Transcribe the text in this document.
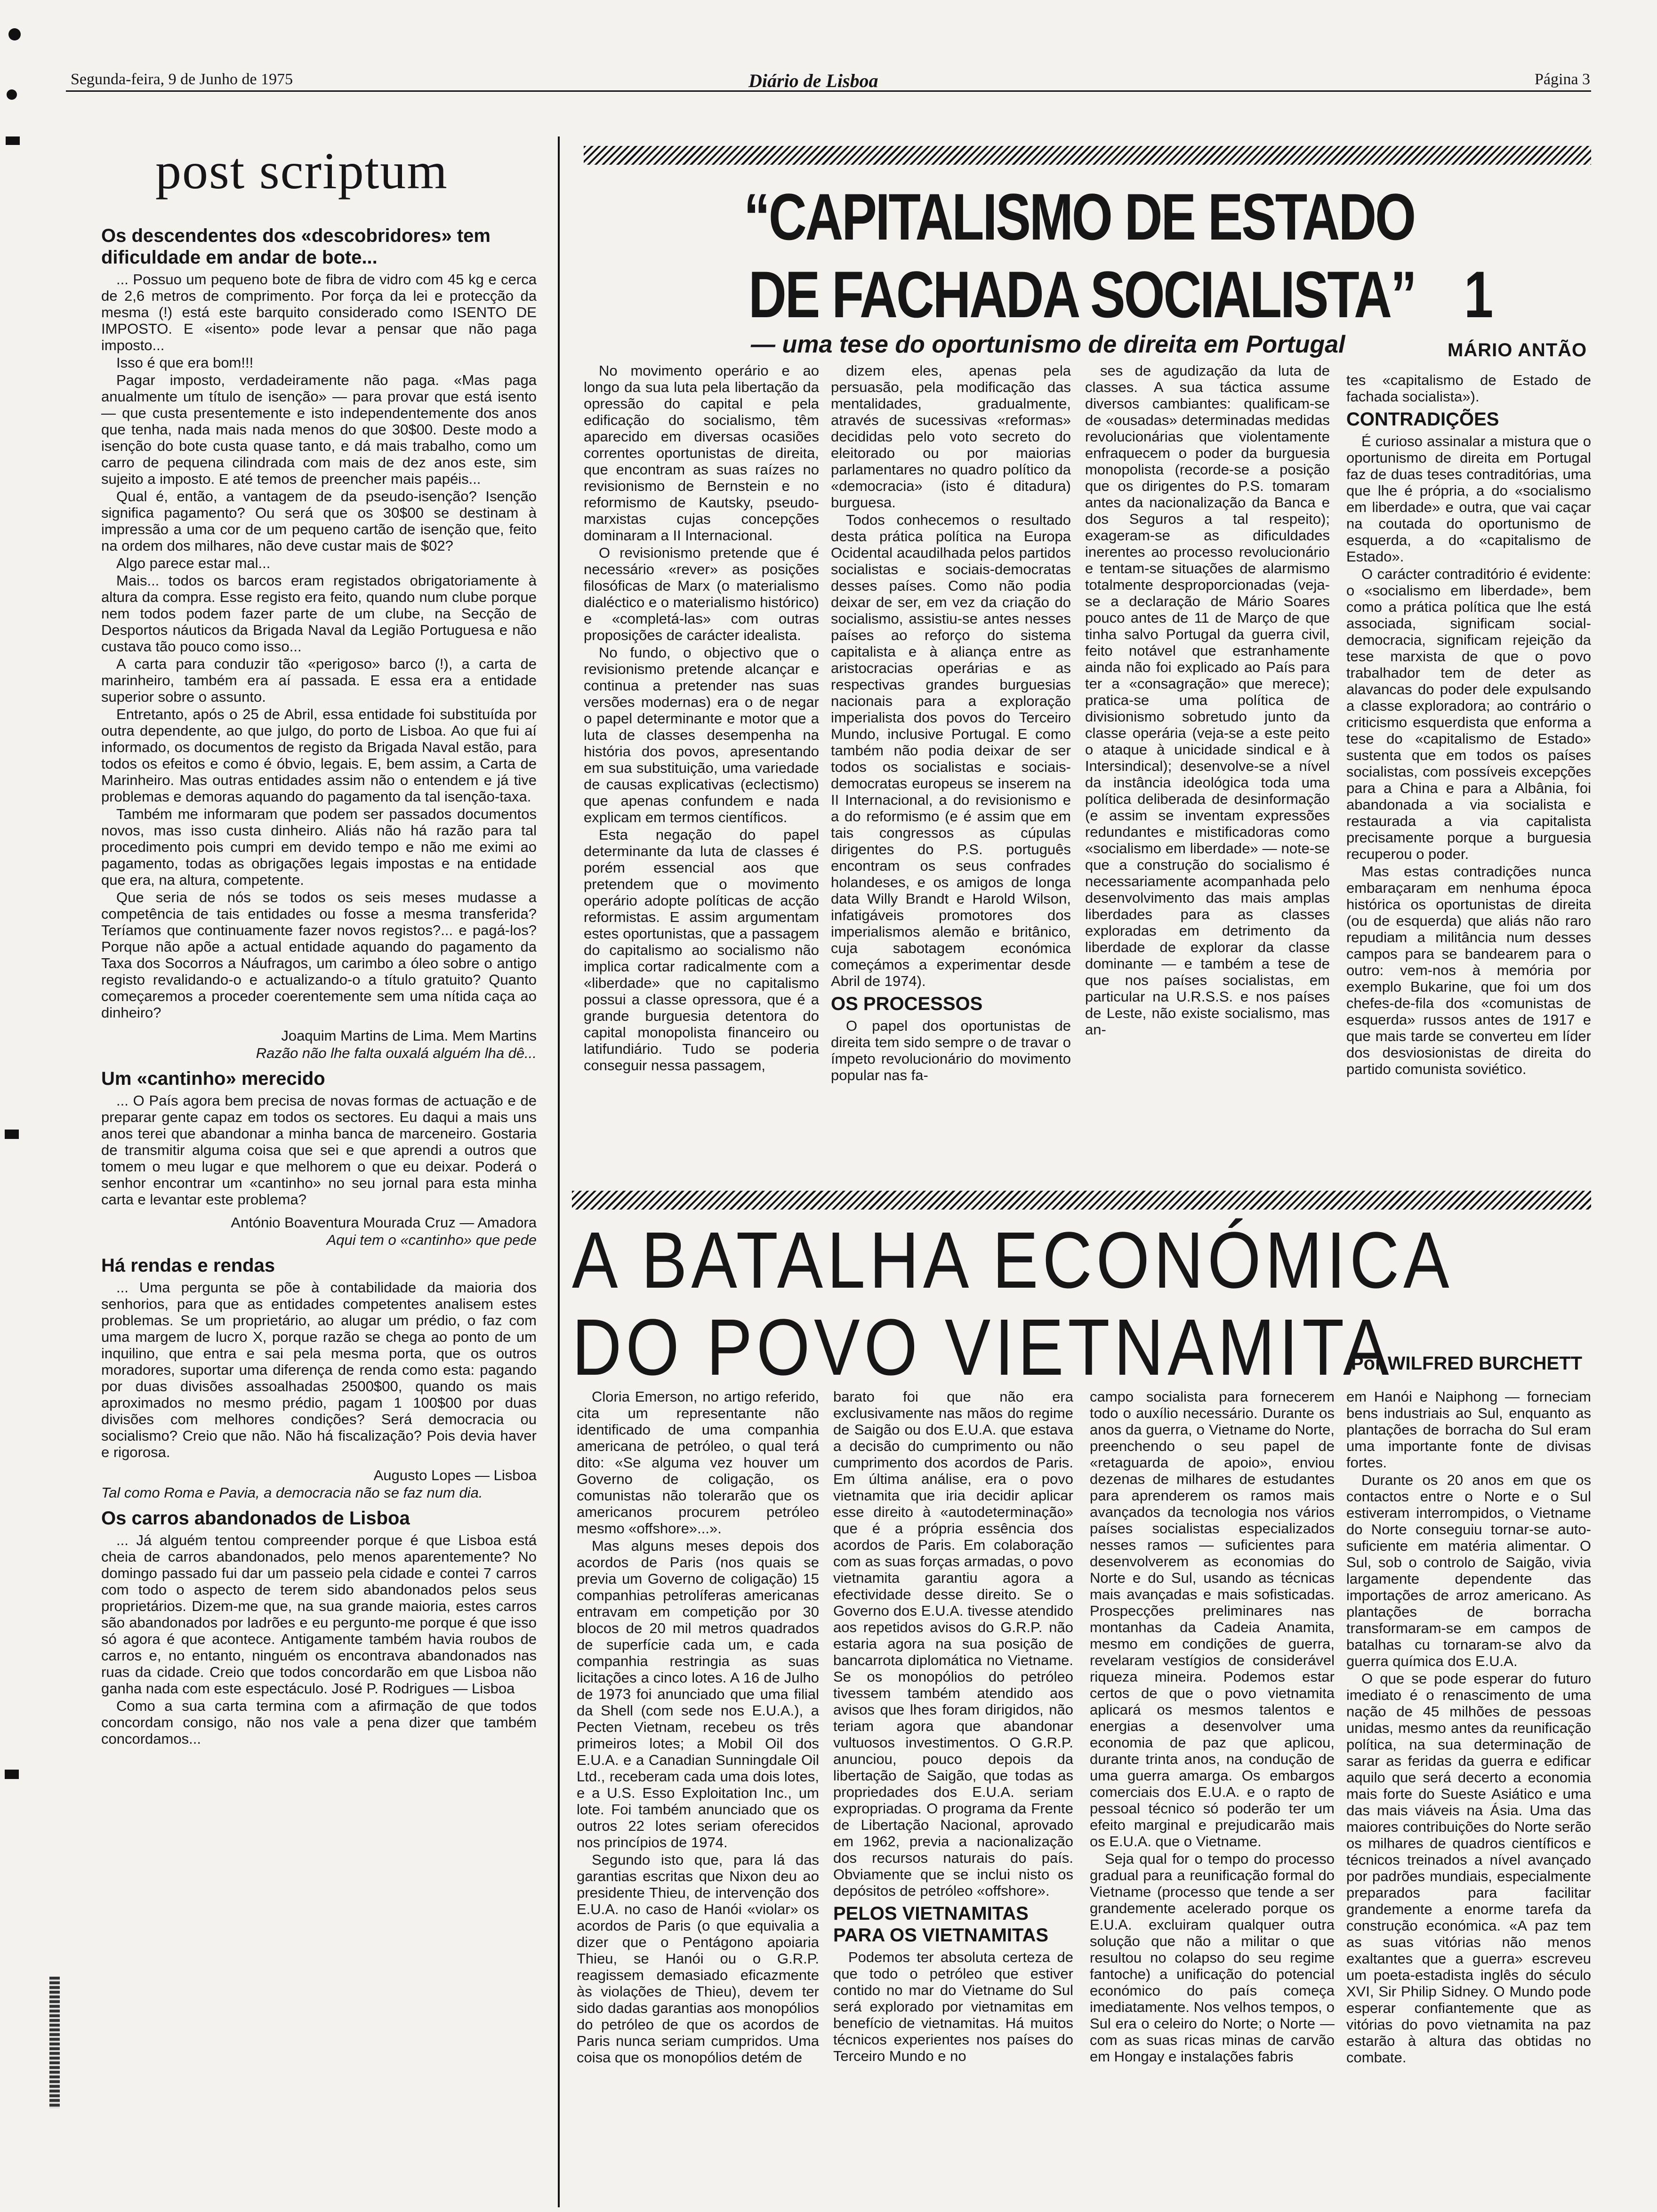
Segunda-feira, 9 de Junho de 1975	Diário de Lisboa	Página 3
post scriptum
Os descendentes dos «descobridores» tem dificuldade em andar de bote...

... Possuo um pequeno bote de fibra de vidro com 45 kg e cerca de 2,6 metros de comprimento. Por força da lei e protecção da mesma (!) está este barquito considerado como ISENTO DE IMPOSTO. E «isento» pode levar a pensar que não paga imposto...

Isso é que era bom!!!

Pagar imposto, verdadeiramente não paga. «Mas paga anualmente um título de isenção» — para provar que está isento — que custa presentemente e isto independentemente dos anos que tenha, nada mais nada menos do que 30$00. Deste modo a isenção do bote custa quase tanto, e dá mais trabalho, como um carro de pequena cilindrada com mais de dez anos este, sim sujeito a imposto. E até temos de preencher mais papéis...

Qual é, então, a vantagem de da pseudo-isenção? Isenção significa pagamento? Ou será que os 30$00 se destinam à impressão a uma cor de um pequeno cartão de isenção que, feito na ordem dos milhares, não deve custar mais de $02?

Algo parece estar mal...

Mais... todos os barcos eram registados obrigatoriamente à altura da compra. Esse registo era feito, quando num clube porque nem todos podem fazer parte de um clube, na Secção de Desportos náuticos da Brigada Naval da Legião Portuguesa e não custava tão pouco como isso...

A carta para conduzir tão «perigoso» barco (!), a carta de marinheiro, também era aí passada. E essa era a entidade superior sobre o assunto.

Entretanto, após o 25 de Abril, essa entidade foi substituída por outra dependente, ao que julgo, do porto de Lisboa. Ao que fui aí informado, os documentos de registo da Brigada Naval estão, para todos os efeitos e como é óbvio, legais. E, bem assim, a Carta de Marinheiro. Mas outras entidades assim não o entendem e já tive problemas e demoras aquando do pagamento da tal isenção-taxa.

Também me informaram que podem ser passados documentos novos, mas isso custa dinheiro. Aliás não há razão para tal procedimento pois cumpri em devido tempo e não me eximi ao pagamento, todas as obrigações legais impostas e na entidade que era, na altura, competente.

Que seria de nós se todos os seis meses mudasse a competência de tais entidades ou fosse a mesma transferida? Teríamos que continuamente fazer novos registos?... e pagá-los? Porque não apõe a actual entidade aquando do pagamento da Taxa dos Socorros a Náufragos, um carimbo a óleo sobre o antigo registo revalidando-o e actualizando-o a título gratuito? Quanto começaremos a proceder coerentemente sem uma nítida caça ao dinheiro?

Joaquim Martins de Lima. Mem Martins

Razão não lhe falta ouxalá alguém lha dê...

Um «cantinho» merecido

... O País agora bem precisa de novas formas de actuação e de preparar gente capaz em todos os sectores. Eu daqui a mais uns anos terei que abandonar a minha banca de marceneiro. Gostaria de transmitir alguma coisa que sei e que aprendi a outros que tomem o meu lugar e que melhorem o que eu deixar. Poderá o senhor encontrar um «cantinho» no seu jornal para esta minha carta e levantar este problema?

António Boaventura Mourada Cruz — Amadora

Aqui tem o «cantinho» que pede

Há rendas e rendas

... Uma pergunta se põe à contabilidade da maioria dos senhorios, para que as entidades competentes analisem estes problemas. Se um proprietário, ao alugar um prédio, o faz com uma margem de lucro X, porque razão se chega ao ponto de um inquilino, que entra e sai pela mesma porta, que os outros moradores, suportar uma diferença de renda como esta: pagando por duas divisões assoalhadas 2500$00, quando os mais aproximados no mesmo prédio, pagam 1 100$00 por duas divisões com melhores condições? Será democracia ou socialismo? Creio que não. Não há fiscalização? Pois devia haver e rigorosa.

Augusto Lopes — Lisboa

Tal como Roma e Pavia, a democracia não se faz num dia.

Os carros abandonados de Lisboa

... Já alguém tentou compreender porque é que Lisboa está cheia de carros abandonados, pelo menos aparentemente? No domingo passado fui dar um passeio pela cidade e contei 7 carros com todo o aspecto de terem sido abandonados pelos seus proprietários. Dizem-me que, na sua grande maioria, estes carros são abandonados por ladrões e eu pergunto-me porque é que isso só agora é que acontece. Antigamente também havia roubos de carros e, no entanto, ninguém os encontrava abandonados nas ruas da cidade. Creio que todos concordarão em que Lisboa não ganha nada com este espectáculo. José P. Rodrigues — Lisboa

Como a sua carta termina com a afirmação de que todos concordam consigo, não nos vale a pena dizer que também concordamos...

“CAPITALISMO DE ESTADO
DE FACHADA SOCIALISTA” 1
— uma tese do oportunismo de direita em Portugal	MÁRIO ANTÃO

No movimento operário e ao longo da sua luta pela libertação da opressão do capital e pela edificação do socialismo, têm aparecido em diversas ocasiões correntes oportunistas de direita, que encontram as suas raízes no revisionismo de Bernstein e no reformismo de Kautsky, pseudo-marxistas cujas concepções dominaram a II Internacional.

O revisionismo pretende que é necessário «rever» as posições filosóficas de Marx (o materialismo dialéctico e o materialismo histórico) e «completá-las» com outras proposições de carácter idealista.

No fundo, o objectivo que o revisionismo pretende alcançar e continua a pretender nas suas versões modernas) era o de negar o papel determinante e motor que a luta de classes desempenha na história dos povos, apresentando em sua substituição, uma variedade de causas explicativas (eclectismo) que apenas confundem e nada explicam em termos científicos.

Esta negação do papel determinante da luta de classes é porém essencial aos que pretendem que o movimento operário adopte políticas de acção reformistas. E assim argumentam estes oportunistas, que a passagem do capitalismo ao socialismo não implica cortar radicalmente com a «liberdade» que no capitalismo possui a classe opressora, que é a grande burguesia detentora do capital monopolista financeiro ou latifundiário. Tudo se poderia conseguir nessa passagem,

dizem eles, apenas pela persuasão, pela modificação das mentalidades, gradualmente, através de sucessivas «reformas» decididas pelo voto secreto do eleitorado ou por maiorias parlamentares no quadro político da «democracia» (isto é ditadura) burguesa.

Todos conhecemos o resultado desta prática política na Europa Ocidental acaudilhada pelos partidos socialistas e sociais-democratas desses países. Como não podia deixar de ser, em vez da criação do socialismo, assistiu-se antes nesses países ao reforço do sistema capitalista e à aliança entre as aristocracias operárias e as respectivas grandes burguesias nacionais para a exploração imperialista dos povos do Terceiro Mundo, inclusive Portugal. E como também não podia deixar de ser todos os socialistas e sociais-democratas europeus se inserem na II Internacional, a do revisionismo e a do reformismo (e é assim que em tais congressos as cúpulas dirigentes do P.S. português encontram os seus confrades holandeses, e os amigos de longa data Willy Brandt e Harold Wilson, infatigáveis promotores dos imperialismos alemão e britânico, cuja sabotagem económica começámos a experimentar desde Abril de 1974).

OS PROCESSOS

O papel dos oportunistas de direita tem sido sempre o de travar o ímpeto revolucionário do movimento popular nas fa-

ses de agudização da luta de classes. A sua táctica assume diversos cambiantes: qualificam-se de «ousadas» determinadas medidas revolucionárias que violentamente enfraquecem o poder da burguesia monopolista (recorde-se a posição que os dirigentes do P.S. tomaram antes da nacionalização da Banca e dos Seguros a tal respeito); exageram-se as dificuldades inerentes ao processo revolucionário e tentam-se situações de alarmismo totalmente desproporcionadas (veja-se a declaração de Mário Soares pouco antes de 11 de Março de que tinha salvo Portugal da guerra civil, feito notável que estranhamente ainda não foi explicado ao País para ter a «consagração» que merece); pratica-se uma política de divisionismo sobretudo junto da classe operária (veja-se a este peito o ataque à unicidade sindical e à Intersindical); desenvolve-se a nível da instância ideológica toda uma política deliberada de desinformação (e assim se inventam expressões redundantes e mistificadoras como «socialismo em liberdade» — note-se que a construção do socialismo é necessariamente acompanhada pelo desenvolvimento das mais amplas liberdades para as classes exploradas em detrimento da liberdade de explorar da classe dominante — e também a tese de que nos países socialistas, em particular na U.R.S.S. e nos países de Leste, não existe socialismo, mas an-

tes «capitalismo de Estado de fachada socialista»).

CONTRADIÇÕES

É curioso assinalar a mistura que o oportunismo de direita em Portugal faz de duas teses contraditórias, uma que lhe é própria, a do «socialismo em liberdade» e outra, que vai caçar na coutada do oportunismo de esquerda, a do «capitalismo de Estado».

O carácter contraditório é evidente: o «socialismo em liberdade», bem como a prática política que lhe está associada, significam social-democracia, significam rejeição da tese marxista de que o povo trabalhador tem de deter as alavancas do poder dele expulsando a classe exploradora; ao contrário o criticismo esquerdista que enforma a tese do «capitalismo de Estado» sustenta que em todos os países socialistas, com possíveis excepções para a China e para a Albânia, foi abandonada a via socialista e restaurada a via capitalista precisamente porque a burguesia recuperou o poder.

Mas estas contradições nunca embaraçaram em nenhuma época histórica os oportunistas de direita (ou de esquerda) que aliás não raro repudiam a militância num desses campos para se bandearem para o outro: vem-nos à memória por exemplo Bukarine, que foi um dos chefes-de-fila dos «comunistas de esquerda» russos antes de 1917 e que mais tarde se converteu em líder dos desviosionistas de direita do partido comunista soviético.

A BATALHA ECONÓMICA
DO POVO VIETNAMITA
Por WILFRED BURCHETT

Cloria Emerson, no artigo referido, cita um representante não identificado de uma companhia americana de petróleo, o qual terá dito: «Se alguma vez houver um Governo de coligação, os comunistas não tolerarão que os americanos procurem petróleo mesmo «offshore»...».

Mas alguns meses depois dos acordos de Paris (nos quais se previa um Governo de coligação) 15 companhias petrolíferas americanas entravam em competição por 30 blocos de 20 mil metros quadrados de superfície cada um, e cada companhia restringia as suas licitações a cinco lotes. A 16 de Julho de 1973 foi anunciado que uma filial da Shell (com sede nos E.U.A.), a Pecten Vietnam, recebeu os três primeiros lotes; a Mobil Oil dos E.U.A. e a Canadian Sunningdale Oil Ltd., receberam cada uma dois lotes, e a U.S. Esso Exploitation Inc., um lote. Foi também anunciado que os outros 22 lotes seriam oferecidos nos princípios de 1974.

Segundo isto que, para lá das garantias escritas que Nixon deu ao presidente Thieu, de intervenção dos E.U.A. no caso de Hanói «violar» os acordos de Paris (o que equivalia a dizer que o Pentágono apoiaria Thieu, se Hanói ou o G.R.P. reagissem demasiado eficazmente às violações de Thieu), devem ter sido dadas garantias aos monopólios do petróleo de que os acordos de Paris nunca seriam cumpridos. Uma coisa que os monopólios detém de

barato foi que não era exclusivamente nas mãos do regime de Saigão ou dos E.U.A. que estava a decisão do cumprimento ou não cumprimento dos acordos de Paris. Em última análise, era o povo vietnamita que iria decidir aplicar esse direito à «autodeterminação» que é a própria essência dos acordos de Paris. Em colaboração com as suas forças armadas, o povo vietnamita garantiu agora a efectividade desse direito. Se o Governo dos E.U.A. tivesse atendido aos repetidos avisos do G.R.P. não estaria agora na sua posição de bancarrota diplomática no Vietname. Se os monopólios do petróleo tivessem também atendido aos avisos que lhes foram dirigidos, não teriam agora que abandonar vultuosos investimentos. O G.R.P. anunciou, pouco depois da libertação de Saigão, que todas as propriedades dos E.U.A. seriam expropriadas. O programa da Frente de Libertação Nacional, aprovado em 1962, previa a nacionalização dos recursos naturais do país. Obviamente que se inclui nisto os depósitos de petróleo «offshore».

PELOS VIETNAMITAS PARA OS VIETNAMITAS

Podemos ter absoluta certeza de que todo o petróleo que estiver contido no mar do Vietname do Sul será explorado por vietnamitas em benefício de vietnamitas. Há muitos técnicos experientes nos países do Terceiro Mundo e no

campo socialista para fornecerem todo o auxílio necessário. Durante os anos da guerra, o Vietname do Norte, preenchendo o seu papel de «retaguarda de apoio», enviou dezenas de milhares de estudantes para aprenderem os ramos mais avançados da tecnologia nos vários países socialistas especializados nesses ramos — suficientes para desenvolverem as economias do Norte e do Sul, usando as técnicas mais avançadas e mais sofisticadas. Prospecções preliminares nas montanhas da Cadeia Anamita, mesmo em condições de guerra, revelaram vestígios de considerável riqueza mineira. Podemos estar certos de que o povo vietnamita aplicará os mesmos talentos e energias a desenvolver uma economia de paz que aplicou, durante trinta anos, na condução de uma guerra amarga. Os embargos comerciais dos E.U.A. e o rapto de pessoal técnico só poderão ter um efeito marginal e prejudicarão mais os E.U.A. que o Vietname.

Seja qual for o tempo do processo gradual para a reunificação formal do Vietname (processo que tende a ser grandemente acelerado porque os E.U.A. excluiram qualquer outra solução que não a militar o que resultou no colapso do seu regime fantoche) a unificação do potencial económico do país começa imediatamente. Nos velhos tempos, o Sul era o celeiro do Norte; o Norte — com as suas ricas minas de carvão em Hongay e instalações fabris

em Hanói e Naiphong — forneciam bens industriais ao Sul, enquanto as plantações de borracha do Sul eram uma importante fonte de divisas fortes.

Durante os 20 anos em que os contactos entre o Norte e o Sul estiveram interrompidos, o Vietname do Norte conseguiu tornar-se auto-suficiente em matéria alimentar. O Sul, sob o controlo de Saigão, vivia largamente dependente das importações de arroz americano. As plantações de borracha transformaram-se em campos de batalhas cu tornaram-se alvo da guerra química dos E.U.A.

O que se pode esperar do futuro imediato é o renascimento de uma nação de 45 milhões de pessoas unidas, mesmo antes da reunificação política, na sua determinação de sarar as feridas da guerra e edificar aquilo que será decerto a economia mais forte do Sueste Asiático e uma das mais viáveis na Ásia. Uma das maiores contribuições do Norte serão os milhares de quadros científicos e técnicos treinados a nível avançado por padrões mundiais, especialmente preparados para facilitar grandemente a enorme tarefa da construção económica. «A paz tem as suas vitórias não menos exaltantes que a guerra» escreveu um poeta-estadista inglês do século XVI, Sir Philip Sidney. O Mundo pode esperar confiantemente que as vitórias do povo vietnamita na paz estarão à altura das obtidas no combate.
